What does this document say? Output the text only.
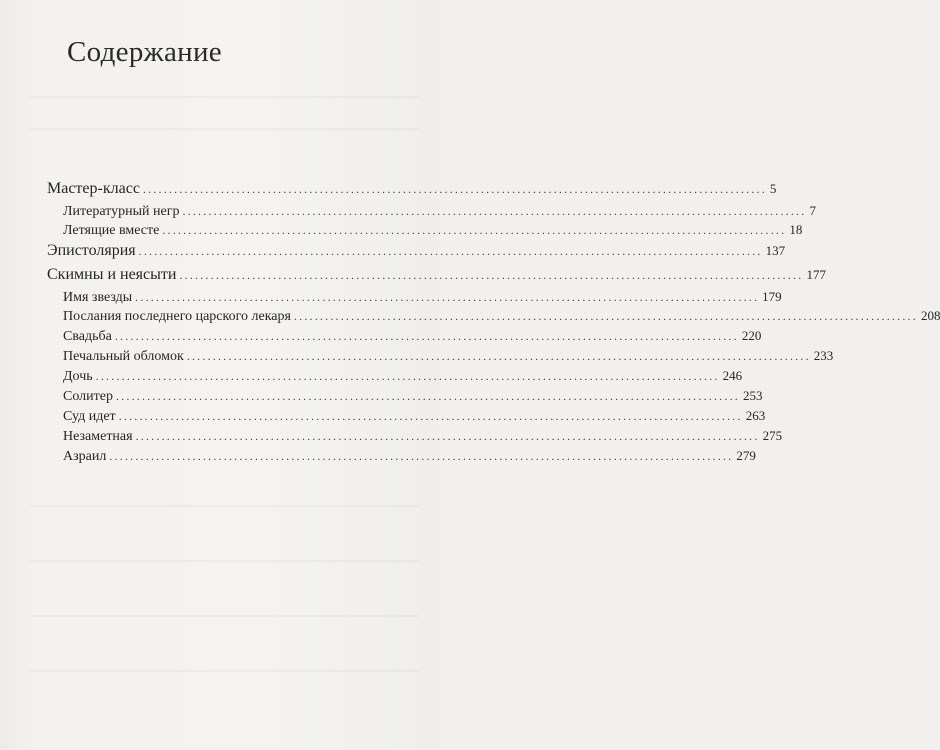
Содержание
Мастер-класс ........................................................................................................................ 5
Литературный негр ........................................................................................................................ 7
Летящие вместе ........................................................................................................................ 18
Эпистолярия ........................................................................................................................ 137
Скимны и неясыти ........................................................................................................................ 177
Имя звезды ........................................................................................................................ 179
Послания последнего царского лекаря ........................................................................................................................ 208
Свадьба ........................................................................................................................ 220
Печальный обломок ........................................................................................................................ 233
Дочь ........................................................................................................................ 246
Солитер ........................................................................................................................ 253
Суд идет ........................................................................................................................ 263
Незаметная ........................................................................................................................ 275
Азраил ........................................................................................................................ 279
